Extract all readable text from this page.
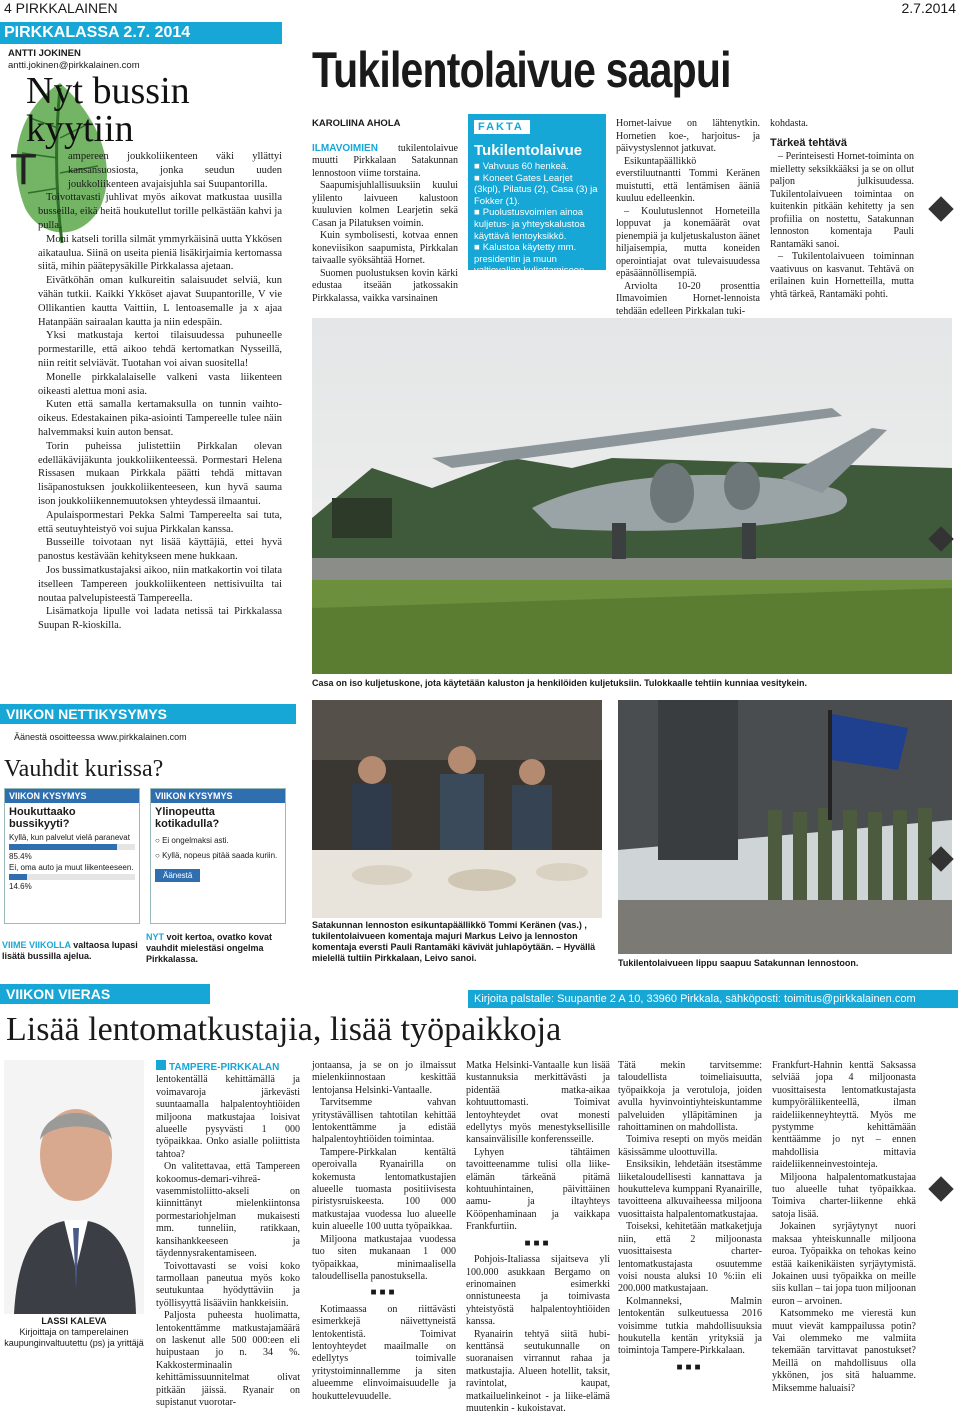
4 PIRKKALAINEN	2.7.2014
PIRKKALASSA 2.7. 2014
ANTTI JOKINEN
antti.jokinen@pirkkalainen.com
Nyt bussin kyytiin
T	ampereen joukkoliikenteen väki yllättyi kansansuosiosta, jonka seudun uuden joukkoliikenteen avajaisjuhla sai Suupantorilla.

Toivottavasti juhlivat myös aikovat matkustaa uusilla busseilla, eikä heitä houkutellut torille pelkästään kahvi ja pulla.

Moni katseli torilla silmät ymmyrkäisinä uutta Ykkösen aikataulua. Siinä on useita pieniä lisäkirjaimia kertomassa siitä, mihin päätepysäkille Pirkkalassa ajetaan.

Eivätköhän oman kulkureitin salaisuudet selviä, kun vähän tutkii. Kaikki Ykköset ajavat Suupantorille, V vie Ollikantien kautta Vaittiin, L lentoasemalle ja x ajaa Hatanpään sairaalan kautta ja niin edespäin.

Yksi matkustaja kertoi tilaisuudessa puhuneelle pormestarille, että aikoo tehdä kertomatkan Nysseillä, niin reitit selviävät. Tuotahan voi aivan suositella!

Monelle pirkkalalaiselle valkeni vasta liikenteen oikeasti alettua moni asia.

Kuten että samalla kertamaksulla on tunnin vaihto-oikeus. Edestakainen pika-asiointi Tampereelle tulee näin halvemmaksi kuin auton bensat.

Torin puheissa julistettiin Pirkkalan olevan edelläkävijäkunta joukkoliikenteessä. Pormestari Helena Rissasen mukaan Pirkkala päätti tehdä mittavan lisäpanostuksen joukkoliikenteeseen, kun hyvä sauma ison joukkoliikennemuutoksen yhteydessä ilmaantui.

Apulaispormestari Pekka Salmi Tampereelta sai tuta, että seutuyhteistyö voi sujua Pirkkalan kanssa.

Busseille toivotaan nyt lisää käyttäjiä, ettei hyvä panostus kestävään kehitykseen mene hukkaan.

Jos bussimatkustajaksi aikoo, niin matkakortin voi tilata itselleen Tampereen joukkoliikenteen nettisivuilta tai noutaa palvelupisteestä Tampereella.

Lisämatkoja lipulle voi ladata netissä tai Pirkkalassa Suupan R-kioskilla.

Tukilentolaivue saapui

KAROLIINA AHOLA

ILMAVOIMIEN tukilentolaivue muutti Pirkkalaan Satakunnan lennostoon viime torstaina.

Saapumisjuhlallisuuksiin kuului ylilento laivueen kalustoon kuuluvien kolmen Learjetin sekä Casan ja Pilatuksen voimin.

Kuin symbolisesti, kotvaa ennen koneviisikon saapumista, Pirkkalan taivaalle syöksähtää Hornet.

Suomen puolustuksen kovin kärki edustaa itseään jatkossakin Pirkkalassa, vaikka varsinainen

FAKTA
Tukilentolaivue
■ Vahvuus 60 henkeä.
■ Koneet Gates Learjet (3kpl), Pilatus (2), Casa (3) ja Fokker (1).
■ Puolustusvoimien ainoa kuljetus- ja yhteyskalustoa käyttävä lentoyksikkö.
■ Kalustoa käytetty mm. presidentin ja muun valtiovallan kuljettamiseen.

Hornet-laivue on lähtenytkin. Hornetien koe-, harjoitus- ja päivystyslennot jatkuvat.

Esikuntapäällikkö everstiluutnantti Tommi Keränen muistutti, että lentämisen ääniä kuuluu edelleenkin.

– Koulutuslennot Horneteilla loppuvat ja konemäärät ovat pienempiä ja kuljetuskaluston äänet hiljaisempia, mutta koneiden operointiajat ovat tulevaisuudessa epäsäännöllisempiä.

Arviolta 10-20 prosenttia Ilmavoimien Hornet-lennoista tehdään edelleen Pirkkalan tuki-

kohdasta.

Tärkeä tehtävä

– Perinteisesti Hornet-toiminta on mielletty seksikkääksi ja se on ollut paljon julkisuudessa. Tukilentolaivueen toimintaa on kuitenkin pitkään kehitetty ja sen profiilia on nostettu, Satakunnan lennoston komentaja Pauli Rantamäki sanoi.

– Tukilentolaivueen toiminnan vaativuus on kasvanut. Tehtävä on erilainen kuin Hornetteilla, mutta yhtä tärkeä, Rantamäki pohti.

Casa on iso kuljetuskone, jota käytetään kaluston ja henkilöiden kuljetuksiin. Tulokkaalle tehtiin kunniaa vesitykein.
Satakunnan lennoston esikuntapäällikkö Tommi Keränen (vas.) , tukilentolaivueen komentaja majuri Markus Leivo ja lennoston komentaja eversti Pauli Rantamäki kävivät juhlapöytään. – Hyvällä mielellä tultiin Pirkkalaan, Leivo sanoi.	Tukilentolaivueen lippu saapuu Satakunnan lennostoon.
VIIKON NETTIKYSYMYS
Äänestä osoitteessa www.pirkkalainen.com
Vauhdit kurissa?
VIIKON KYSYMYS
Houkuttaako bussikyyti?
Kyllä, kun palvelut vielä paranevat
85.4%
Ei, oma auto ja muut liikenteeseen.
14.6%
VIIKON KYSYMYS
Ylinopeutta kotikadulla?
○ Ei ongelmaksi asti.
○ Kyllä, nopeus pitää saada kuriin.
Äänestä
VIIME VIIKOLLA valtaosa lupasi lisätä bussilla ajelua.
NYT voit kertoa, ovatko kovat vauhdit mielestäsi ongelma Pirkkalassa.
VIIKON VIERAS	Kirjoita palstalle: Suupantie 2 A 10, 33960 Pirkkala, sähköposti: toimitus@pirkkalainen.com
Lisää lentomatkustajia, lisää työpaikkoja
LASSI KALEVA
Kirjoittaja on tamperelainen kaupunginvaltuutettu (ps) ja yrittäjä

TAMPERE-PIRKKALAN lentokentällä kehittämällä ja voimavaroja järkevästi suuntaamalla halpalentoyhtiöiden miljoona matkustajaa loisivat alueelle pysyvästi 1 000 työpaikkaa. Onko asialle poliittista tahtoa?

On valitettavaa, että Tampereen kokoomus-demari-vihreä-vasemmistoliitto-akseli on kiinnittänyt mielenkiintonsa pormestariohjelman mukaisesti mm. tunneliin, ratikkaan, kansihankkeeseen ja täydennysrakentamiseen.

Toivottavasti se voisi koko tarmollaan paneutua myös koko seutukuntaa hyödyttäviin ja työllisyyttä lisääviin hankkeisiin.

Paljosta puheesta huolimatta, lentokenttämme matkustajamäärä on laskenut alle 500 000:een eli huipustaan jo n. 34 %. Kakkosterminaalin kehittämissuunnitelmat olivat pitkään jäissä. Ryanair on supistanut vuorotar-

jontaansa, ja se on jo ilmaissut mielenkiinnostaan keskittää lentojansa Helsinki-Vantaalle.

Tarvitsemme vahvan yritystävällisen tahtotilan kehittää lentokenttämme ja edistää halpalentoyhtiöiden toimintaa.

Tampere-Pirkkalan kentältä operoivalla Ryanairilla on kokemusta lentomatkustajien alueelle tuomasta positiivisesta piristysruiskeesta. 100 000 matkustajaa vuodessa luo alueelle kuin alueelle 100 uutta työpaikkaa.

Miljoona matkustajaa vuodessa tuo siten mukanaan 1 000 työpaikkaa, minimaalisella taloudellisella panostuksella.

■■■

Kotimaassa on riittävästi esimerkkejä näivettyneistä lentokentistä. Toimivat lentoyhteydet maailmalle on edellytys toimivalle yritystoiminnallemme ja siten alueemme elinvoimaisuudelle ja houkuttelevuudelle.

Matka Helsinki-Vantaalle kun lisää kustannuksia merkittävästi ja pidentää matka-aikaa kohtuuttomasti. Toimivat lentoyhteydet ovat monesti edellytys myös menestyksellisille kansainvälisille konferensseille.

Lyhyen tähtäimen tavoitteenamme tulisi olla liike-elämän tärkeänä pitämä kohtuuhintainen, päivittäinen aamu- ja iltayhteys Kööpenhaminaan ja vaikkapa Frankfurtiin.

■■■

Pohjois-Italiassa sijaitseva yli 100.000 asukkaan Bergamo on erinomainen esimerkki onnistuneesta ja toimivasta yhteistyöstä halpalentoyhtiöiden kanssa.

Ryanairin tehtyä siitä hubi-kenttänsä seutukunnalle on suoranaisen virrannut rahaa ja matkustajia. Alueen hotellit, taksit, ravintolat, kaupat, matkailuelinkeinot - ja liike-elämä muutenkin - kukoistavat.

Tätä mekin tarvitsemme: taloudellista toimeliaisuutta, työpaikkoja ja verotuloja, joiden avulla hyvinvointiyhteiskuntamme palveluiden ylläpitäminen ja rahoittaminen on mahdollista.

Toimiva resepti on myös meidän käsissämme uloottuvilla.

Ensiksikin, lehdetään itsestämme liiketaloudellisesti kannattava ja houkutteleva kumppani Ryanairille, tavoitteena alkuvaiheessa miljoona vuosittaista halpalentomatkustajaa.

Toiseksi, kehitetään matkaketjuja niin, että 2 miljoonasta vuosittaisesta charter-lentomatkustajasta osuutemme voisi nousta aluksi 10 %:iin eli 200.000 matkustajaan.

Kolmanneksi, Malmin lentokentän sulkeutuessa 2016 voisimme tutkia mahdollisuuksia houkutella kentän yrityksiä ja toimintoja Tampere-Pirkkalaan.

■■■

Frankfurt-Hahnin kenttä Saksassa selviää jopa 4 miljoonasta vuosittaisesta lentomatkustajasta kumpyöräliikenteellä, ilman raideliikenneyhteyttä. Myös me pystymme kehittämään kenttäämme jo nyt – ennen mahdollisia mittavia raideliikenneinvestointeja.

Miljoona halpalentomatkustajaa tuo alueelle tuhat työpaikkaa. Toimiva charter-liikenne ehkä satoja lisää.

Jokainen syrjäytynyt nuori maksaa yhteiskunnalle miljoona euroa. Työpaikka on tehokas keino estää kaikenikäisten syrjäytymistä. Jokainen uusi työpaikka on meille siis kullan – tai jopa tuon miljoonan euron – arvoinen.

Katsommeko me vierestä kun muut vievät kamppailussa potin? Vai olemmeko me valmiita tekemään tarvittavat panostukset? Meillä on mahdollisuus olla ykkönen, jos sitä haluamme. Miksemme haluaisi?
